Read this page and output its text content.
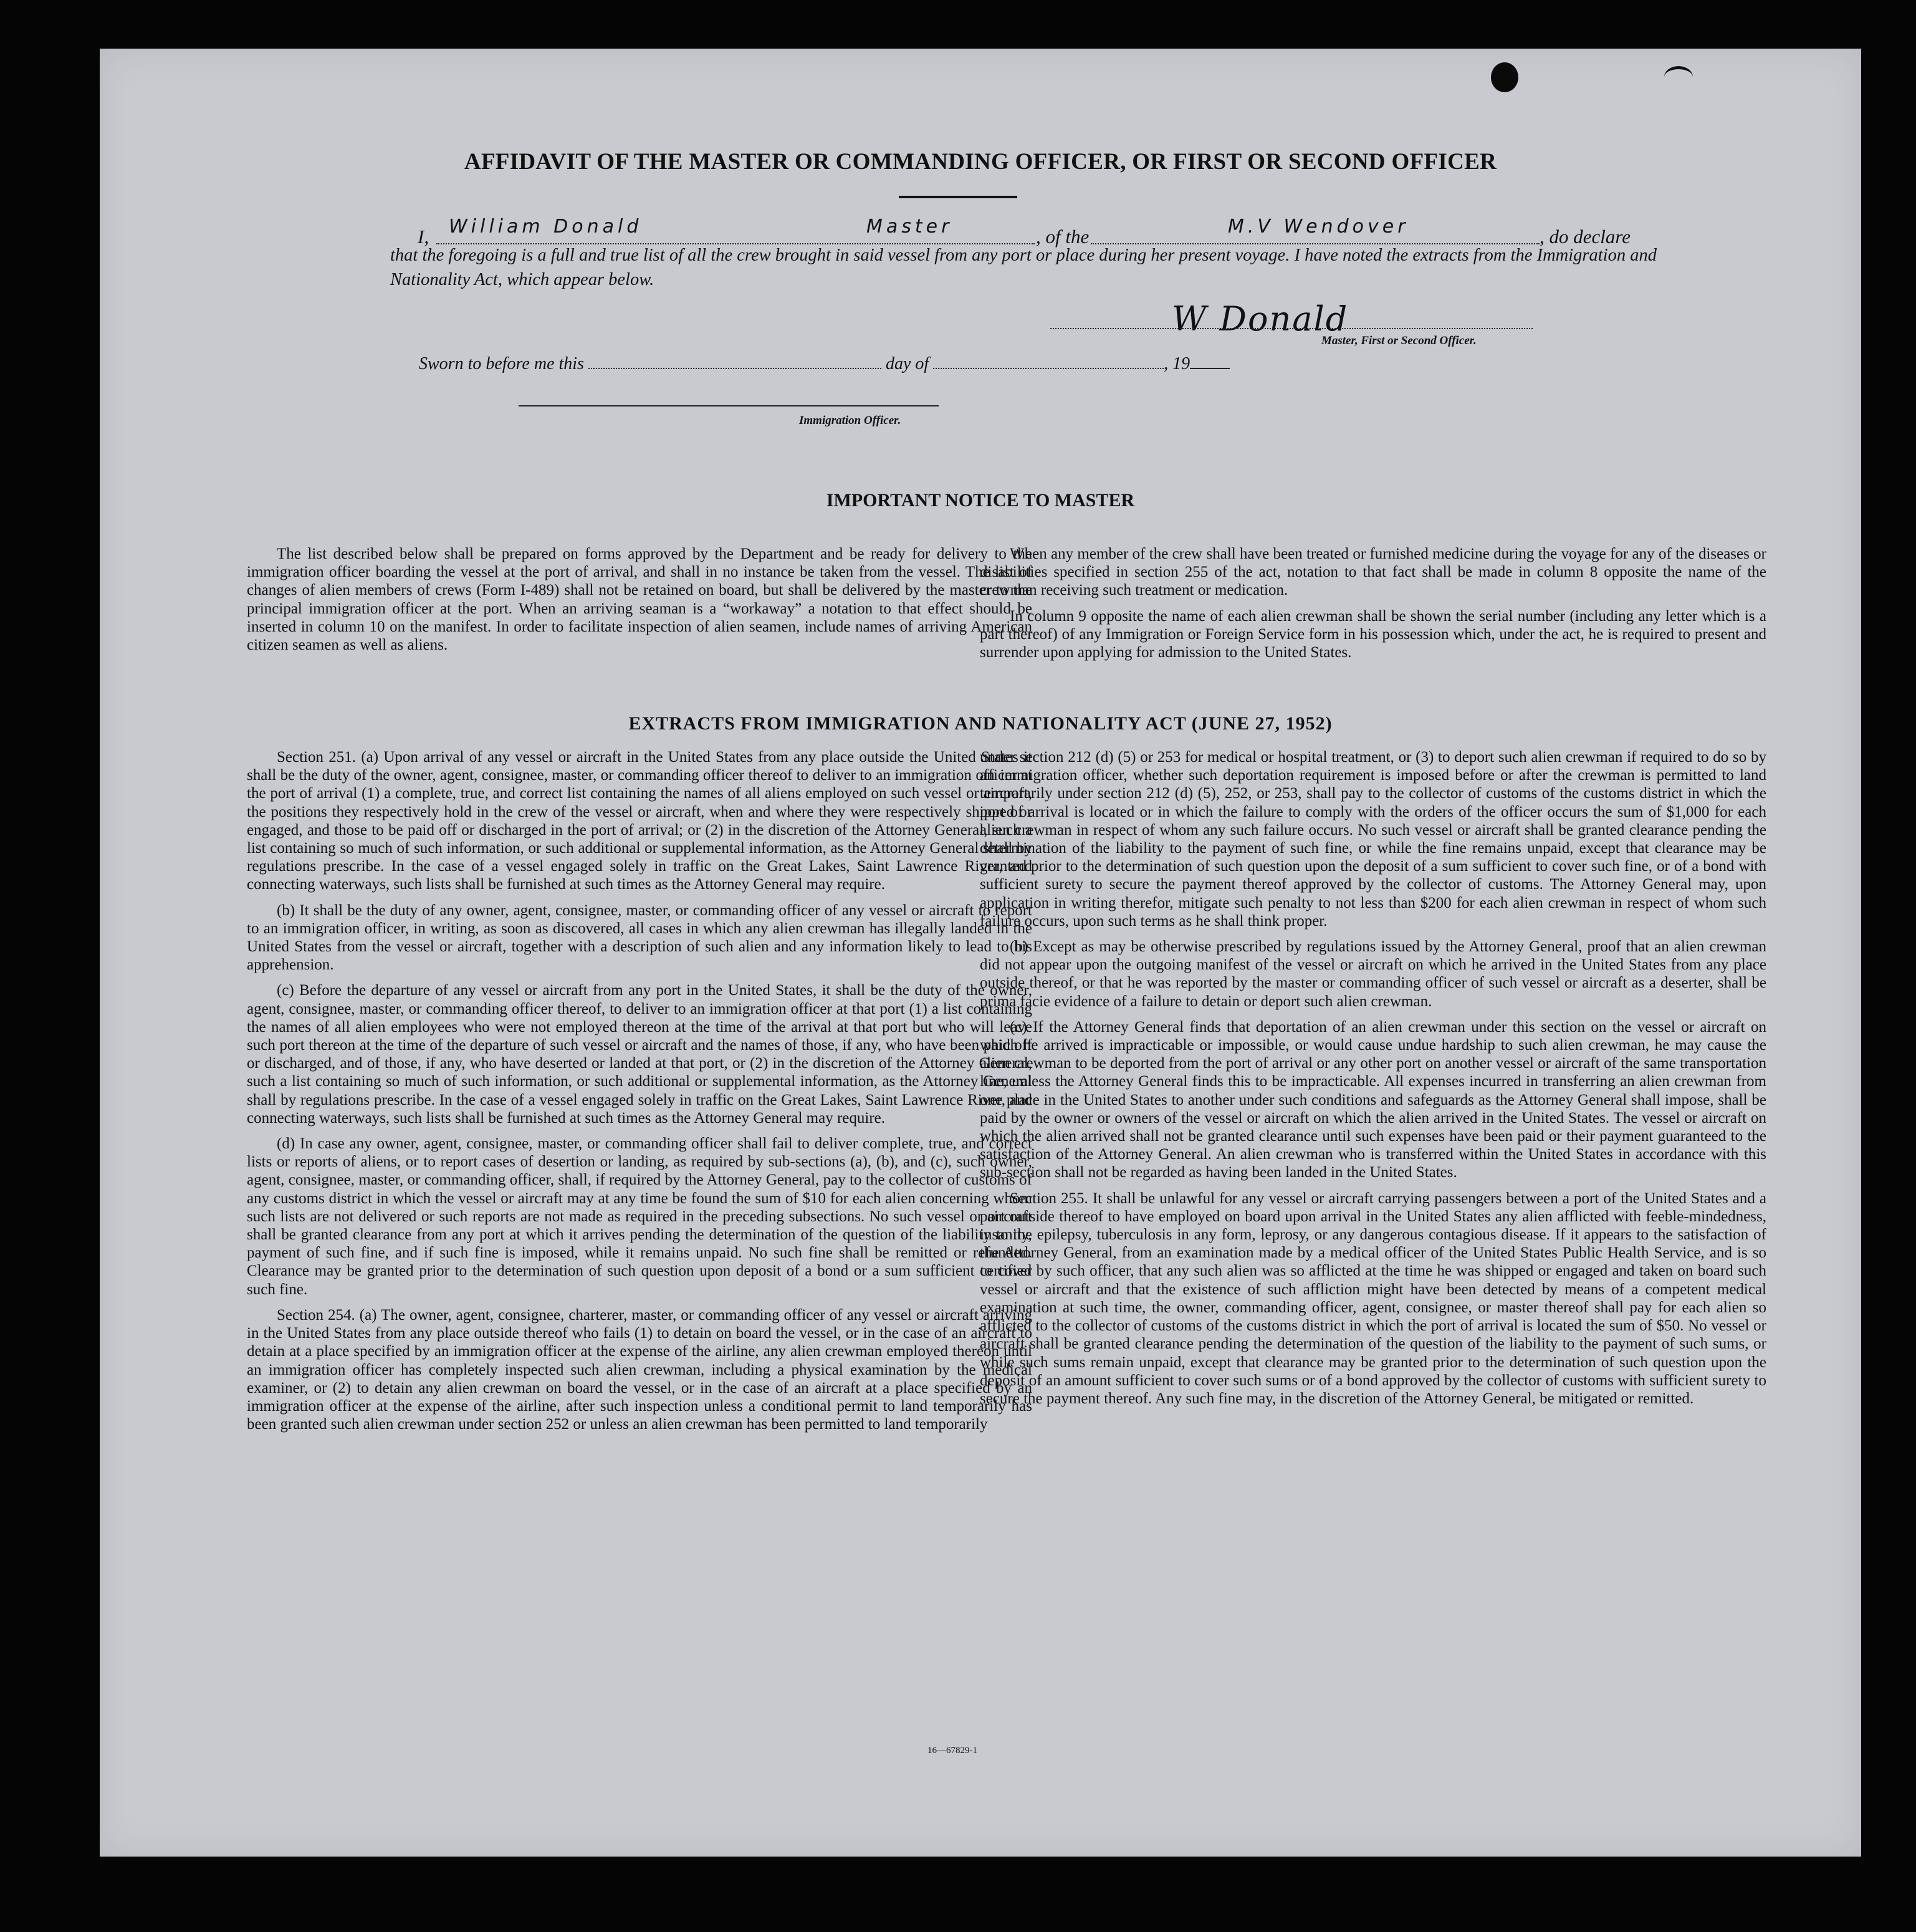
AFFIDAVIT OF THE MASTER OR COMMANDING OFFICER, OR FIRST OR SECOND OFFICER
I, William Donald	Master	, of the	M.V Wendover	, do declare
that the foregoing is a full and true list of all the crew brought in said vessel from any port or place during her present voyage. I have noted the extracts from the Immigration and Nationality Act, which appear below.
W Donald
Master, First or Second Officer.
Sworn to before me this	day of	, 19
Immigration Officer.
IMPORTANT NOTICE TO MASTER

The list described below shall be prepared on forms approved by the Department and be ready for delivery to the immigration officer boarding the vessel at the port of arrival, and shall in no instance be taken from the vessel. The list of changes of alien members of crews (Form I-489) shall not be retained on board, but shall be delivered by the master to the principal immigration officer at the port. When an arriving seaman is a “workaway” a notation to that effect should be inserted in column 10 on the manifest. In order to facilitate inspection of alien seamen, include names of arriving American citizen seamen as well as aliens.

When any member of the crew shall have been treated or furnished medicine during the voyage for any of the diseases or disabilities specified in section 255 of the act, notation to that fact shall be made in column 8 opposite the name of the crewman receiving such treatment or medication.

In column 9 opposite the name of each alien crewman shall be shown the serial number (including any letter which is a part thereof) of any Immigration or Foreign Service form in his possession which, under the act, he is required to present and surrender upon applying for admission to the United States.

EXTRACTS FROM IMMIGRATION AND NATIONALITY ACT (JUNE 27, 1952)

Section 251. (a) Upon arrival of any vessel or aircraft in the United States from any place outside the United States it shall be the duty of the owner, agent, consignee, master, or commanding officer thereof to deliver to an immigration officer at the port of arrival (1) a complete, true, and correct list containing the names of all aliens employed on such vessel or aircraft, the positions they respectively hold in the crew of the vessel or aircraft, when and where they were respectively shipped or engaged, and those to be paid off or discharged in the port of arrival; or (2) in the discretion of the Attorney General, such a list containing so much of such information, or such additional or supplemental information, as the Attorney General shall by regulations prescribe. In the case of a vessel engaged solely in traffic on the Great Lakes, Saint Lawrence River, and connecting waterways, such lists shall be furnished at such times as the Attorney General may require.

(b) It shall be the duty of any owner, agent, consignee, master, or commanding officer of any vessel or aircraft to report to an immigration officer, in writing, as soon as discovered, all cases in which any alien crewman has illegally landed in the United States from the vessel or aircraft, together with a description of such alien and any information likely to lead to his apprehension.

(c) Before the departure of any vessel or aircraft from any port in the United States, it shall be the duty of the owner, agent, consignee, master, or commanding officer thereof, to deliver to an immigration officer at that port (1) a list containing the names of all alien employees who were not employed thereon at the time of the arrival at that port but who will leave such port thereon at the time of the departure of such vessel or aircraft and the names of those, if any, who have been paid off or discharged, and of those, if any, who have deserted or landed at that port, or (2) in the discretion of the Attorney General, such a list containing so much of such information, or such additional or supplemental information, as the Attorney General shall by regulations prescribe. In the case of a vessel engaged solely in traffic on the Great Lakes, Saint Lawrence River, and connecting waterways, such lists shall be furnished at such times as the Attorney General may require.

(d) In case any owner, agent, consignee, master, or commanding officer shall fail to deliver complete, true, and correct lists or reports of aliens, or to report cases of desertion or landing, as required by sub-sections (a), (b), and (c), such owner, agent, consignee, master, or commanding officer, shall, if required by the Attorney General, pay to the collector of customs of any customs district in which the vessel or aircraft may at any time be found the sum of $10 for each alien concerning whom such lists are not delivered or such reports are not made as required in the preceding subsections. No such vessel or aircraft shall be granted clearance from any port at which it arrives pending the determination of the question of the liability to the payment of such fine, and if such fine is imposed, while it remains unpaid. No such fine shall be remitted or refunded. Clearance may be granted prior to the determination of such question upon deposit of a bond or a sum sufficient to cover such fine.

Section 254. (a) The owner, agent, consignee, charterer, master, or commanding officer of any vessel or aircraft arriving in the United States from any place outside thereof who fails (1) to detain on board the vessel, or in the case of an aircraft to detain at a place specified by an immigration officer at the expense of the airline, any alien crewman employed thereon until an immigration officer has completely inspected such alien crewman, including a physical examination by the medical examiner, or (2) to detain any alien crewman on board the vessel, or in the case of an aircraft at a place specified by an immigration officer at the expense of the airline, after such inspection unless a conditional permit to land temporarily has been granted such alien crewman under section 252 or unless an alien crewman has been permitted to land temporarily

under section 212 (d) (5) or 253 for medical or hospital treatment, or (3) to deport such alien crewman if required to do so by an immigration officer, whether such deportation requirement is imposed before or after the crewman is permitted to land temporarily under section 212 (d) (5), 252, or 253, shall pay to the collector of customs of the customs district in which the port of arrival is located or in which the failure to comply with the orders of the officer occurs the sum of $1,000 for each alien crewman in respect of whom any such failure occurs. No such vessel or aircraft shall be granted clearance pending the determination of the liability to the payment of such fine, or while the fine remains unpaid, except that clearance may be granted prior to the determination of such question upon the deposit of a sum sufficient to cover such fine, or of a bond with sufficient surety to secure the payment thereof approved by the collector of customs. The Attorney General may, upon application in writing therefor, mitigate such penalty to not less than $200 for each alien crewman in respect of whom such failure occurs, upon such terms as he shall think proper.

(b) Except as may be otherwise prescribed by regulations issued by the Attorney General, proof that an alien crewman did not appear upon the outgoing manifest of the vessel or aircraft on which he arrived in the United States from any place outside thereof, or that he was reported by the master or commanding officer of such vessel or aircraft as a deserter, shall be prima facie evidence of a failure to detain or deport such alien crewman.

(c) If the Attorney General finds that deportation of an alien crewman under this section on the vessel or aircraft on which he arrived is impracticable or impossible, or would cause undue hardship to such alien crewman, he may cause the alien crewman to be deported from the port of arrival or any other port on another vessel or aircraft of the same transportation line, unless the Attorney General finds this to be impracticable. All expenses incurred in transferring an alien crewman from one place in the United States to another under such conditions and safeguards as the Attorney General shall impose, shall be paid by the owner or owners of the vessel or aircraft on which the alien arrived in the United States. The vessel or aircraft on which the alien arrived shall not be granted clearance until such expenses have been paid or their payment guaranteed to the satisfaction of the Attorney General. An alien crewman who is transferred within the United States in accordance with this sub-section shall not be regarded as having been landed in the United States.

Section 255. It shall be unlawful for any vessel or aircraft carrying passengers between a port of the United States and a port outside thereof to have employed on board upon arrival in the United States any alien afflicted with feeble-mindedness, insanity, epilepsy, tuberculosis in any form, leprosy, or any dangerous contagious disease. If it appears to the satisfaction of the Attorney General, from an examination made by a medical officer of the United States Public Health Service, and is so certified by such officer, that any such alien was so afflicted at the time he was shipped or engaged and taken on board such vessel or aircraft and that the existence of such affliction might have been detected by means of a competent medical examination at such time, the owner, commanding officer, agent, consignee, or master thereof shall pay for each alien so afflicted to the collector of customs of the customs district in which the port of arrival is located the sum of $50. No vessel or aircraft shall be granted clearance pending the determination of the question of the liability to the payment of such sums, or while such sums remain unpaid, except that clearance may be granted prior to the determination of such question upon the deposit of an amount sufficient to cover such sums or of a bond approved by the collector of customs with sufficient surety to secure the payment thereof. Any such fine may, in the discretion of the Attorney General, be mitigated or remitted.

16—67829-1
